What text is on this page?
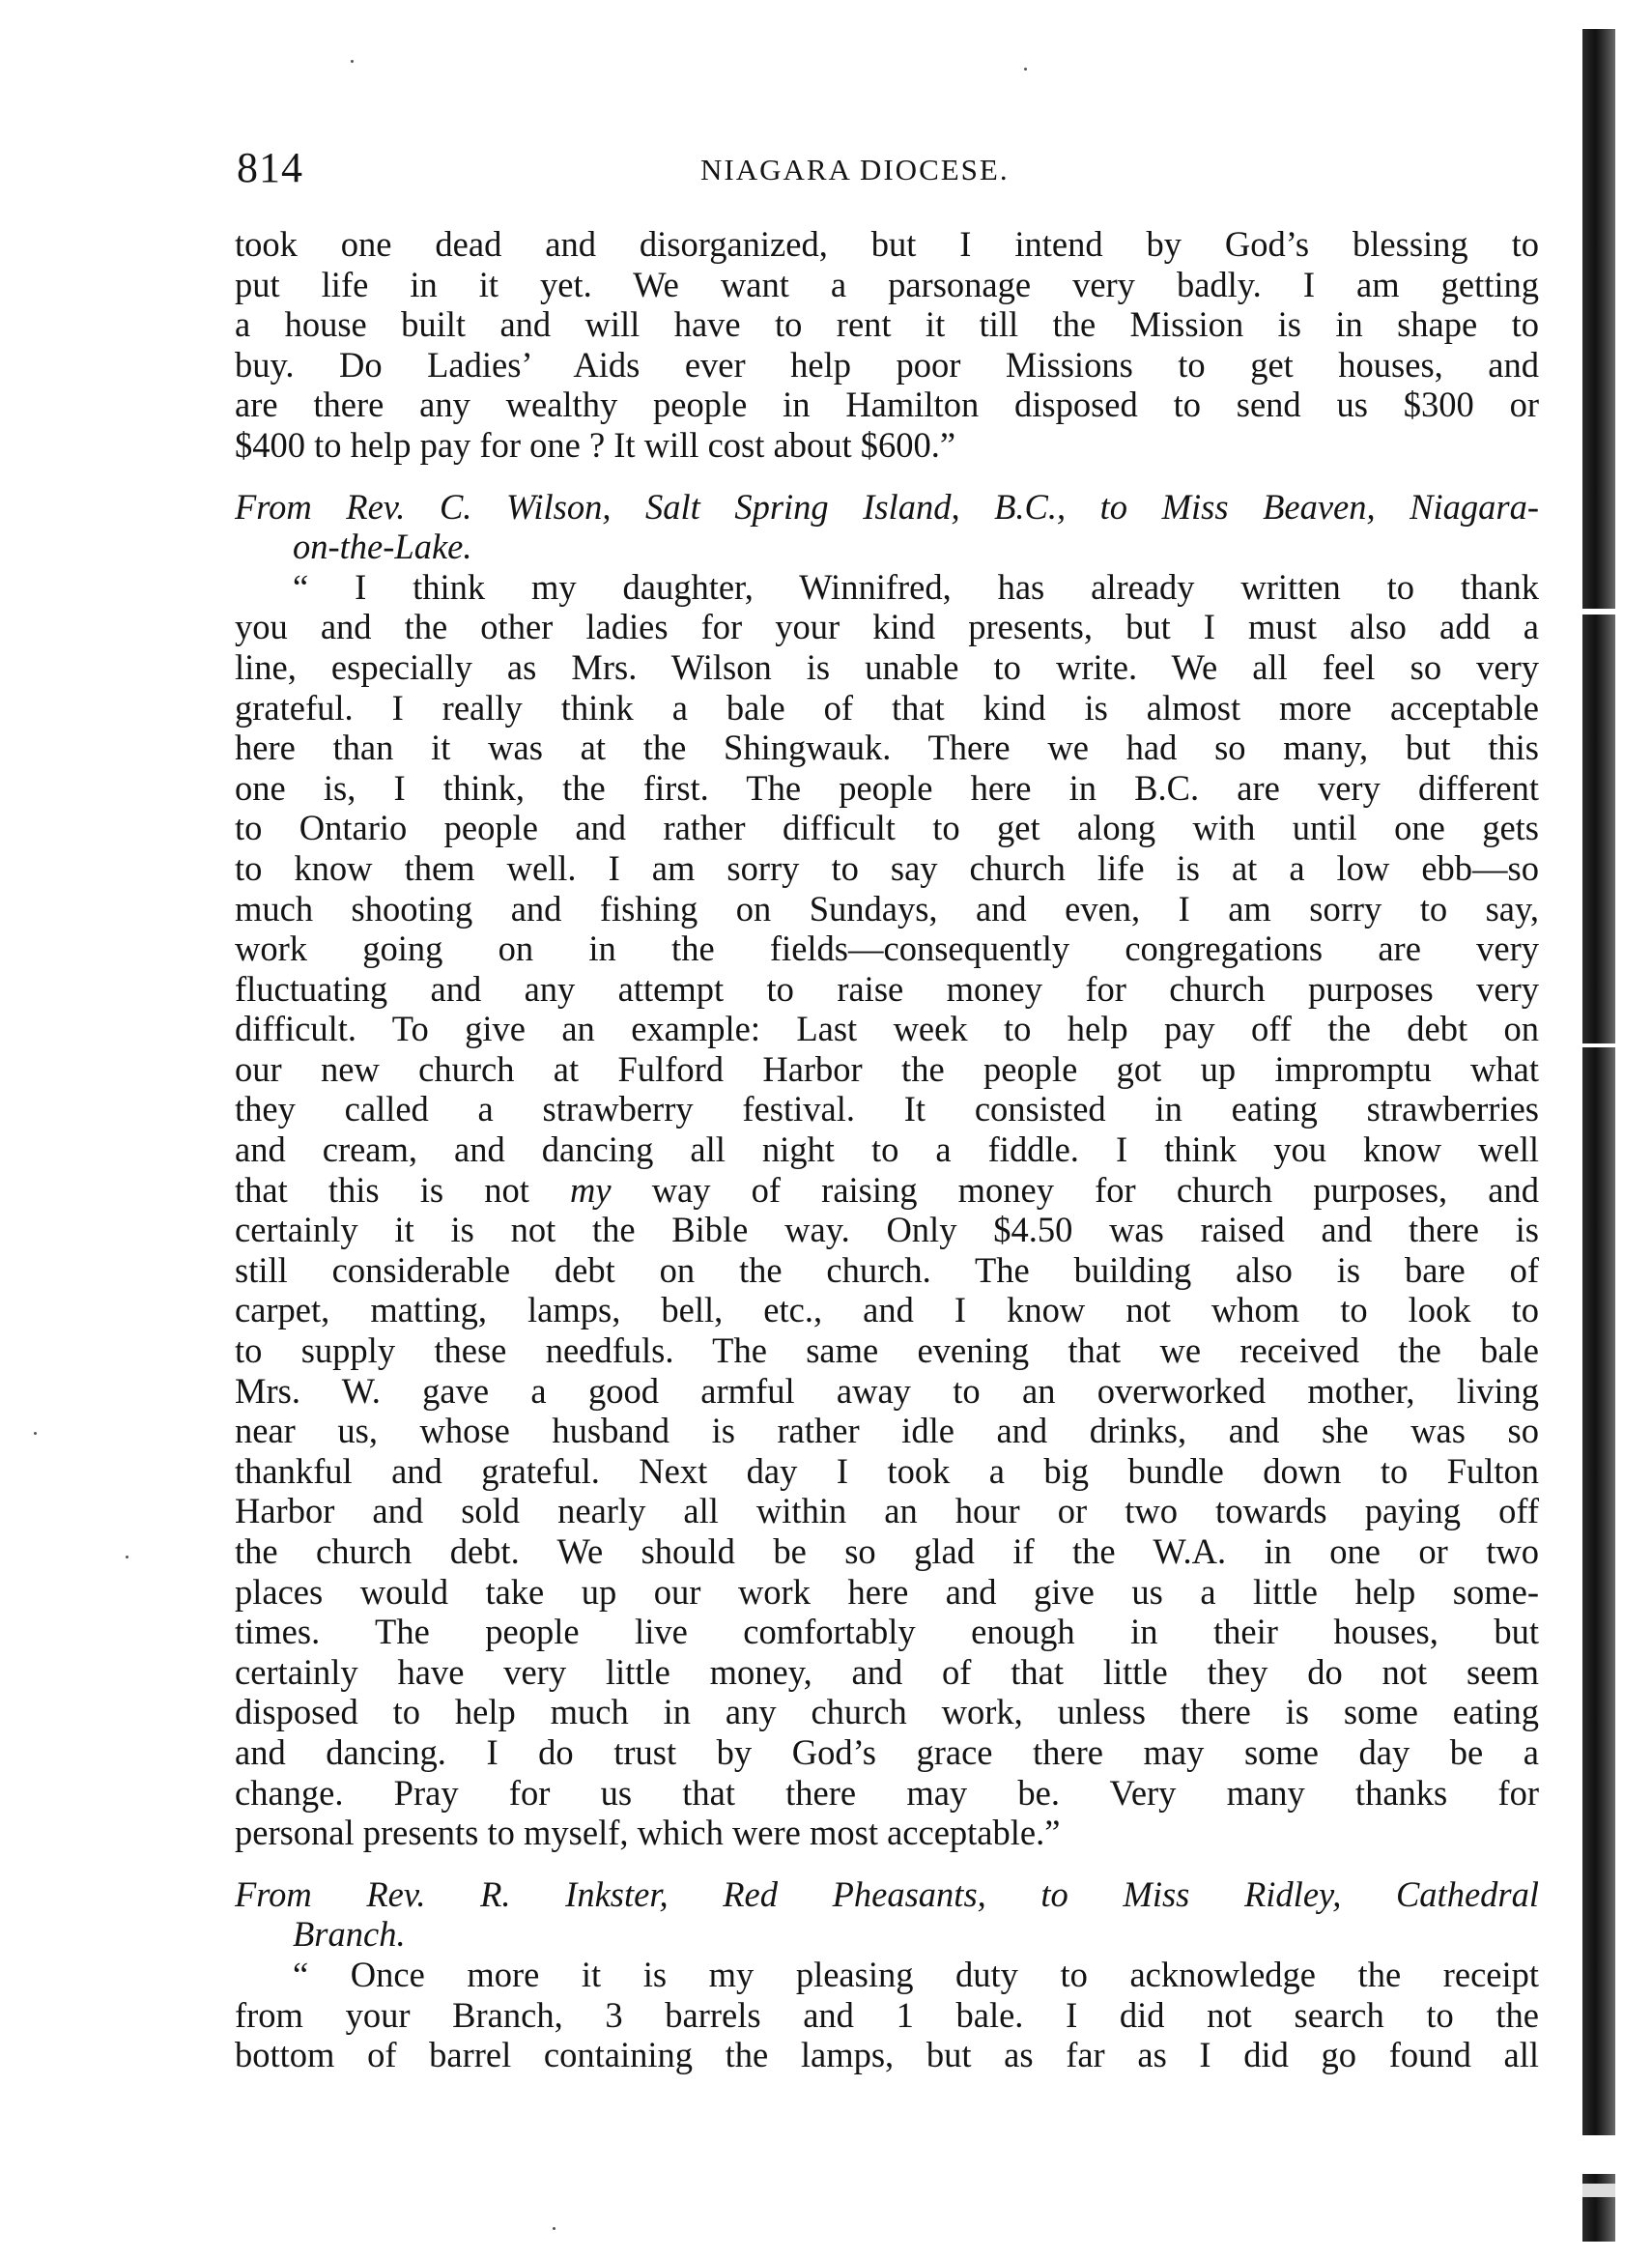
814	NIAGARA DIOCESE.
took one dead and disorganized, but I intend by God’s blessing to
put life in it yet. We want a parsonage very badly. I am getting
a house built and will have to rent it till the Mission is in shape to
buy. Do Ladies’ Aids ever help poor Missions to get houses, and
are there any wealthy people in Hamilton disposed to send us $300 or
$400 to help pay for one ? It will cost about $600.”
From Rev. C. Wilson, Salt Spring Island, B.C., to Miss Beaven, Niagara-
on-the-Lake.
“ I think my daughter, Winnifred, has already written to thank
you and the other ladies for your kind presents, but I must also add a
line, especially as Mrs. Wilson is unable to write. We all feel so very
grateful. I really think a bale of that kind is almost more acceptable
here than it was at the Shingwauk. There we had so many, but this
one is, I think, the first. The people here in B.C. are very different
to Ontario people and rather difficult to get along with until one gets
to know them well. I am sorry to say church life is at a low ebb—so
much shooting and fishing on Sundays, and even, I am sorry to say,
work going on in the fields—consequently congregations are very
fluctuating and any attempt to raise money for church purposes very
difficult. To give an example: Last week to help pay off the debt on
our new church at Fulford Harbor the people got up impromptu what
they called a strawberry festival. It consisted in eating strawberries
and cream, and dancing all night to a fiddle. I think you know well
that this is not my way of raising money for church purposes, and
certainly it is not the Bible way. Only $4.50 was raised and there is
still considerable debt on the church. The building also is bare of
carpet, matting, lamps, bell, etc., and I know not whom to look to
to supply these needfuls. The same evening that we received the bale
Mrs. W. gave a good armful away to an overworked mother, living
near us, whose husband is rather idle and drinks, and she was so
thankful and grateful. Next day I took a big bundle down to Fulton
Harbor and sold nearly all within an hour or two towards paying off
the church debt. We should be so glad if the W.A. in one or two
places would take up our work here and give us a little help some-
times. The people live comfortably enough in their houses, but
certainly have very little money, and of that little they do not seem
disposed to help much in any church work, unless there is some eating
and dancing. I do trust by God’s grace there may some day be a
change. Pray for us that there may be. Very many thanks for
personal presents to myself, which were most acceptable.”
From Rev. R. Inkster, Red Pheasants, to Miss Ridley, Cathedral
Branch.
“ Once more it is my pleasing duty to acknowledge the receipt
from your Branch, 3 barrels and 1 bale. I did not search to the
bottom of barrel containing the lamps, but as far as I did go found all
